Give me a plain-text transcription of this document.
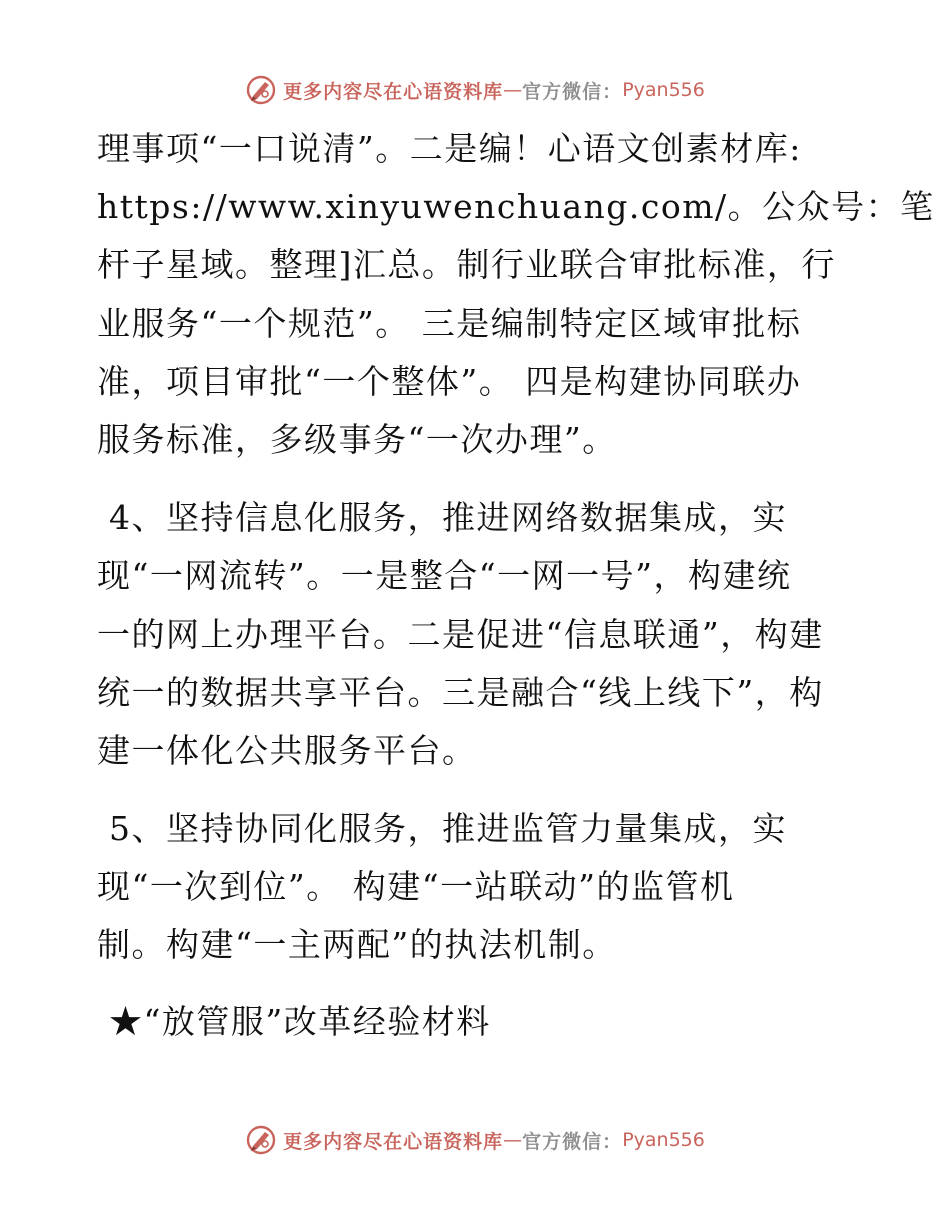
更多内容尽在心语资料库 — 官方微信： Pyan556
理事项“一口说清”。二是编！心语文创素材库:
https://www.xinyuwenchuang.com/。公众号：笔
杆子星域。整理]汇总。制行业联合审批标准，行
业服务“一个规范”。 三是编制特定区域审批标
准，项目审批“一个整体”。 四是构建协同联办
服务标准，多级事务“一次办理”。
4、坚持信息化服务，推进网络数据集成，实
现“一网流转”。一是整合“一网一号”，构建统
一的网上办理平台。二是促进“信息联通”，构建
统一的数据共享平台。三是融合“线上线下”，构
建一体化公共服务平台。
5、坚持协同化服务，推进监管力量集成，实
现“一次到位”。 构建“一站联动”的监管机
制。构建“一主两配”的执法机制。
★“放管服”改革经验材料
更多内容尽在心语资料库 — 官方微信： Pyan556
